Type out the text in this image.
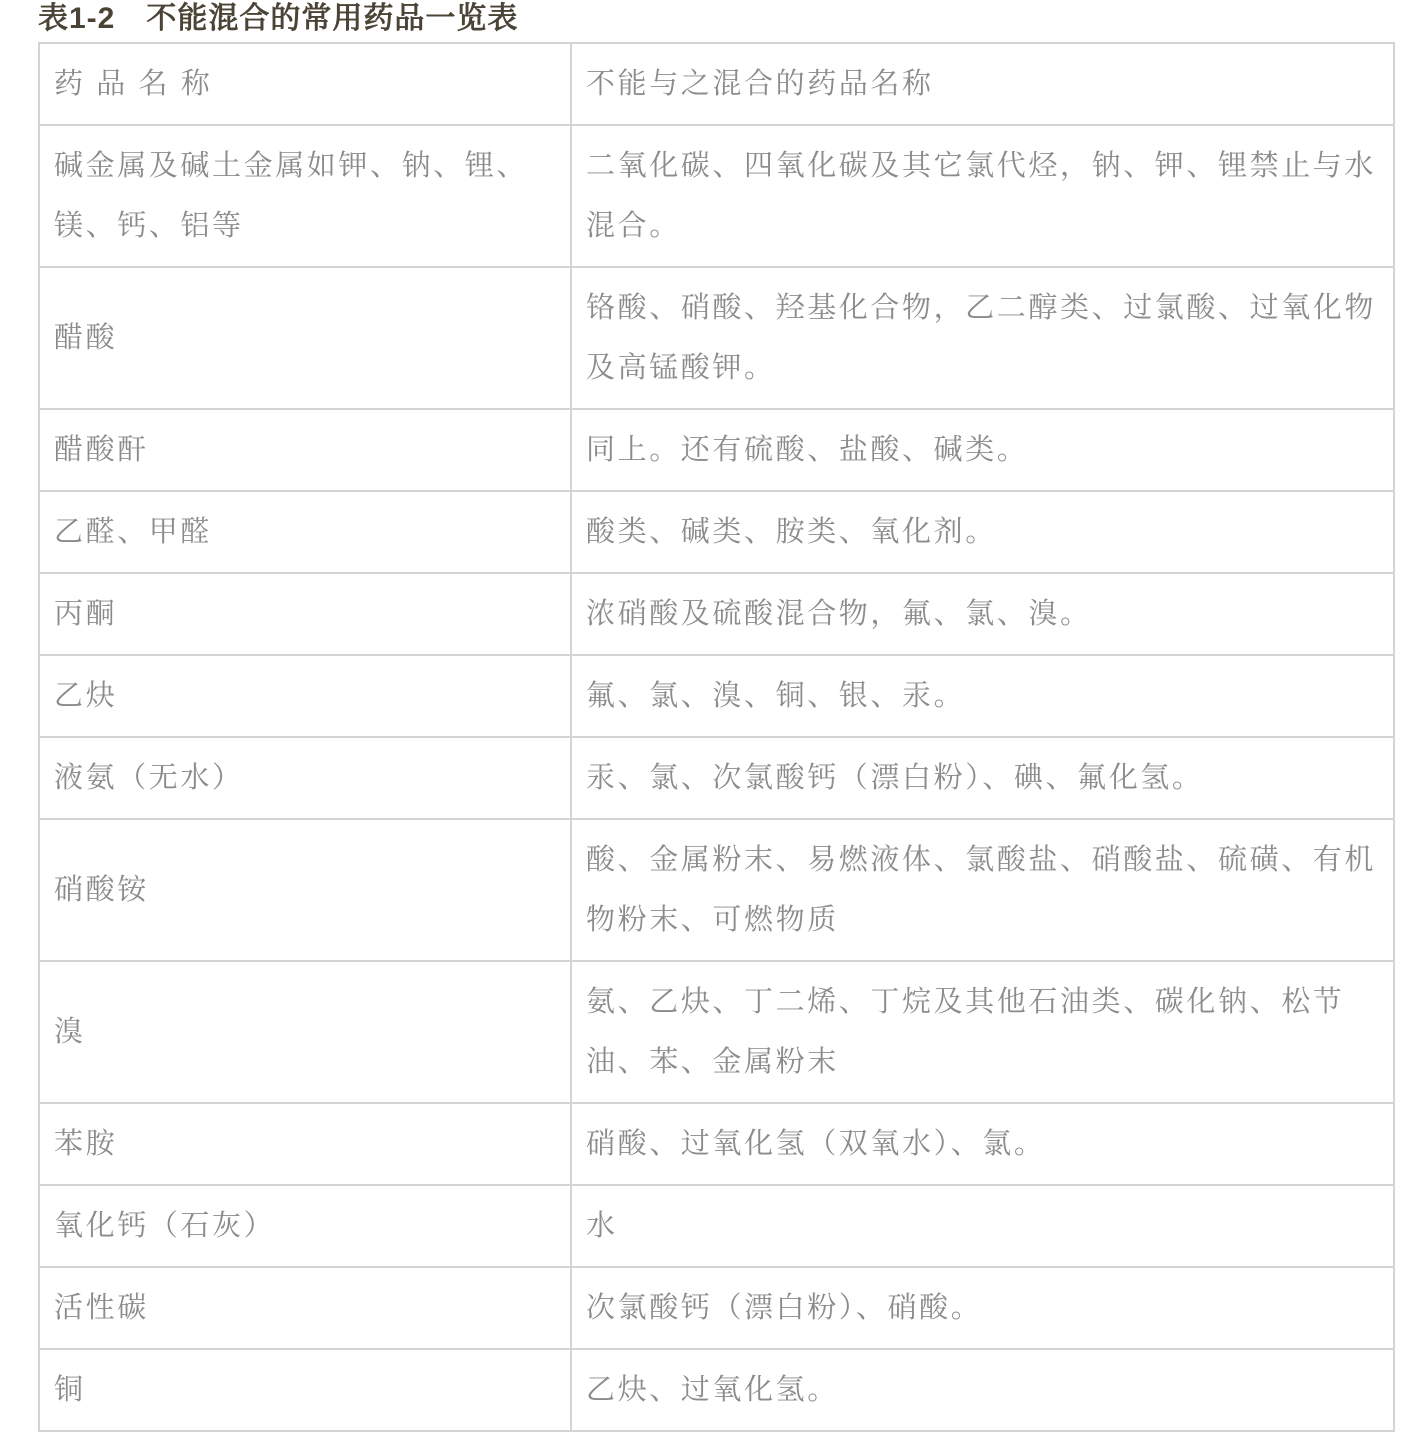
表1-2　不能混合的常用药品一览表
药 品 名 称	不能与之混合的药品名称
碱金属及碱土金属如钾、钠、锂、镁、钙、铝等	二氧化碳、四氧化碳及其它氯代烃，钠、钾、锂禁止与水混合。
醋酸	铬酸、硝酸、羟基化合物，乙二醇类、过氯酸、过氧化物及高锰酸钾。
醋酸酐	同上。还有硫酸、盐酸、碱类。
乙醛、甲醛	酸类、碱类、胺类、氧化剂。
丙酮	浓硝酸及硫酸混合物，氟、氯、溴。
乙炔	氟、氯、溴、铜、银、汞。
液氨（无水）	汞、氯、次氯酸钙（漂白粉）、碘、氟化氢。
硝酸铵	酸、金属粉末、易燃液体、氯酸盐、硝酸盐、硫磺、有机物粉末、可燃物质
溴	氨、乙炔、丁二烯、丁烷及其他石油类、碳化钠、松节油、苯、金属粉末
苯胺	硝酸、过氧化氢（双氧水）、氯。
氧化钙（石灰）	水
活性碳	次氯酸钙（漂白粉）、硝酸。
铜	乙炔、过氧化氢。
